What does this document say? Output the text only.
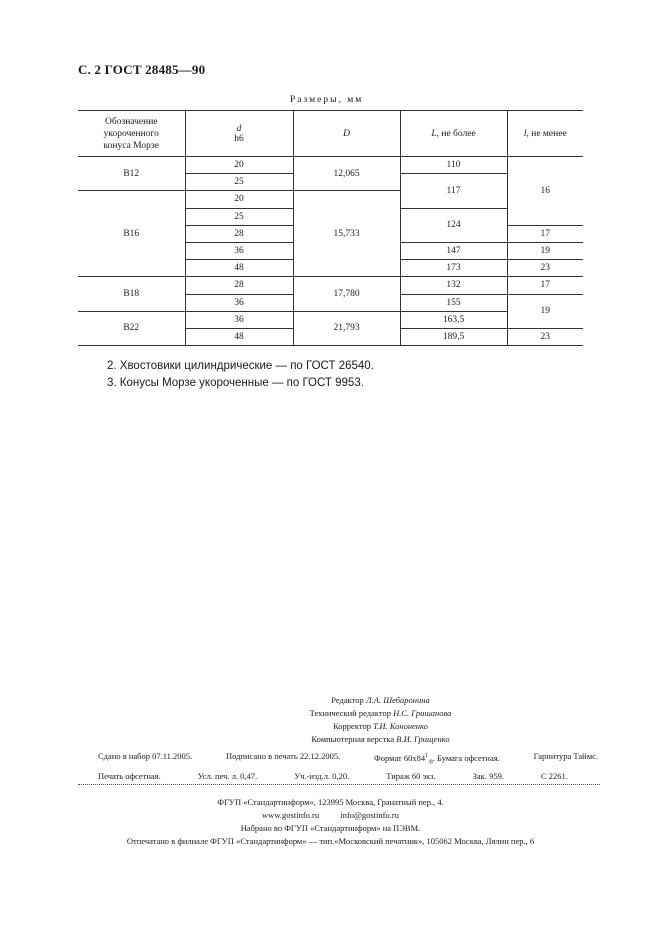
С. 2 ГОСТ 28485—90
Размеры, мм
Обозначение
укороченного
конуса Морзе	d
h6	D	L, не более	l, не менее
B12	20	12,065	110	16
	25		117	
B16	20	15,733		
	25		124	
	28			17
	36		147	19
	48		173	23
B18	28	17,780	132	17
	36		155	19
B22	36	21,793	163,5	
	48		189,5	23
2. Хвостовики цилиндрические — по ГОСТ 26540.
3. Конусы Морзе укороченные — по ГОСТ 9953.
Редактор Л.А. Шебаронина
Технический редактор Н.С. Гришанова
Корректор Т.И. Кононенко
Компьютерная верстка В.И. Грищенко
Сдано в набор 07.11.2005.	Подписано в печать 22.12.2005.	Формат $60x84^1_{/8}$. Бумага офсетная.	Гарнитура Таймс.
Печать офсетная.	Усл. печ. л. 0,47.	Уч.-изд.л. 0,20.	Тираж 60 экз.	Зак. 959.	С 2261.
ФГУП «Стандартинформ», 123995 Москва, Гранатный пер., 4.
www.gostinfo.ru	info@gostinfo.ru
Набрано во ФГУП «Стандартинформ» на ПЭВМ.
Отпечатано в филиале ФГУП «Стандартинформ» — тип.«Московский печатник», 105062 Москва, Лялин пер., 6
